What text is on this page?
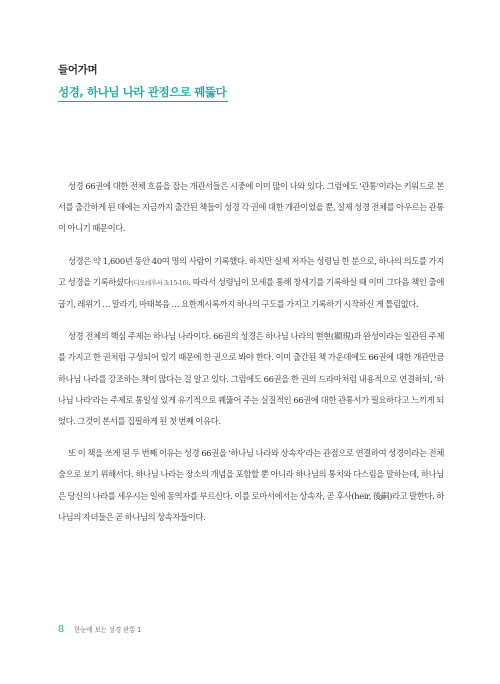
들어가며
성경, 하나님 나라 관점으로 꿰뚫다

성경 66권에 대한 전체 흐름을 잡는 개관서들은 시중에 이미 많이 나와 있다. 그럼에도 '관통'이라는 키워드로 본서를 출간하게 된 데에는 지금까지 출간된 책들이 성경 각 권에 대한 개관이었을 뿐, 실제 성경 전체를 아우르는 관통이 아니기 때문이다.

성경은 약 1,600년 동안 40여 명의 사람이 기록했다. 하지만 실제 저자는 성령님 한 분으로, 하나의 의도를 가지고 성경을 기록하셨다(디모데후서 3:15-16). 따라서 성령님이 모세를 통해 창세기를 기록하실 때 이미 그다음 책인 출애굽기, 레위기 … 말라기, 마태복음 … 요한계시록까지 하나의 구도를 가지고 기록하기 시작하신 게 틀림없다.

성경 전체의 핵심 주제는 하나님 나라이다. 66권의 성경은 하나님 나라의 현현(顯現)과 완성이라는 일관된 주제를 가지고 한 권처럼 구성되어 있기 때문에 한 권으로 봐야 한다. 이미 출간된 책 가운데에도 66권에 대한 개관만큼 하나님 나라를 강조하는 책이 많다는 걸 알고 있다. 그럼에도 66권을 한 권의 드라마처럼 내용적으로 연결하되, '하나님 나라'라는 주제로 통일성 있게 유기적으로 꿰뚫어 주는 실질적인 66권에 대한 관통서가 필요하다고 느끼게 되었다. 그것이 본서를 집필하게 된 첫 번째 이유다.

또 이 책을 쓰게 된 두 번째 이유는 성경 66권을 '하나님 나라와 상속자'라는 관점으로 연결하여 성경이라는 전체 숲으로 보기 위해서다. 하나님 나라는 장소의 개념을 포함할 뿐 아니라 하나님의 통치와 다스림을 말하는데, 하나님은 당신의 나라를 세우시는 일에 동역자를 부르신다. 이를 로마서에서는 상속자, 곧 후사(heir, 後嗣)라고 말한다. 하나님의 자녀들은 곧 하나님의 상속자들이다.

8 한눈에 보는 성경 관통 1
